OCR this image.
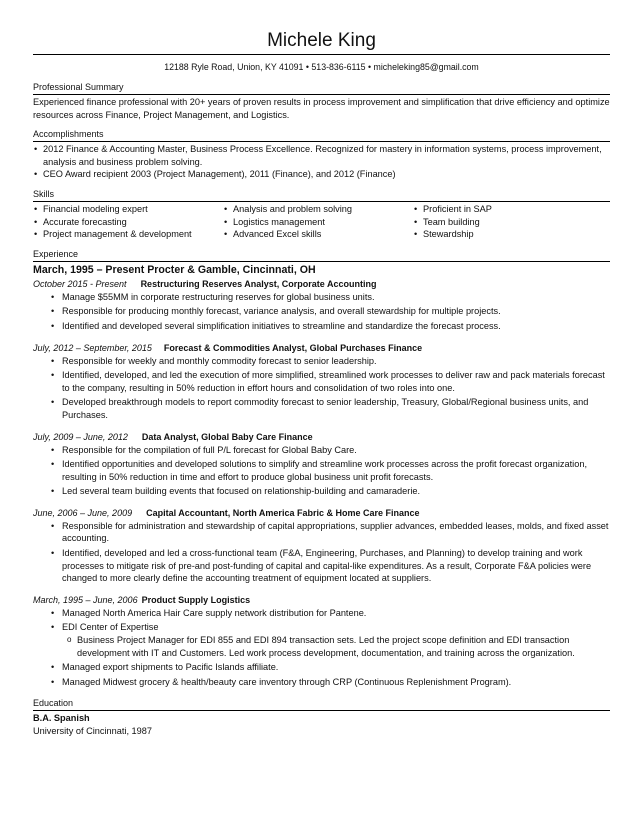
Michele King
12188 Ryle Road, Union, KY 41091 • 513-836-6115 • micheleking85@gmail.com
Professional Summary
Experienced finance professional with 20+ years of proven results in process improvement and simplification that drive efficiency and optimize resources across Finance, Project Management, and Logistics.
Accomplishments
• 2012 Finance & Accounting Master, Business Process Excellence. Recognized for mastery in information systems, process improvement, analysis and business problem solving.
• CEO Award recipient 2003 (Project Management), 2011 (Finance), and 2012 (Finance)
Skills
• Financial modeling expert
• Accurate forecasting
• Project management & development
• Analysis and problem solving
• Logistics management
• Advanced Excel skills
• Proficient in SAP
• Team building
• Stewardship
Experience
March, 1995 – Present Procter & Gamble, Cincinnati, OH
October 2015 - Present Restructuring Reserves Analyst, Corporate Accounting
• Manage $55MM in corporate restructuring reserves for global business units.
• Responsible for producing monthly forecast, variance analysis, and overall stewardship for multiple projects.
• Identified and developed several simplification initiatives to streamline and standardize the forecast process.
July, 2012 – September, 2015 Forecast & Commodities Analyst, Global Purchases Finance
• Responsible for weekly and monthly commodity forecast to senior leadership.
• Identified, developed, and led the execution of more simplified, streamlined work processes to deliver raw and pack materials forecast to the company, resulting in 50% reduction in effort hours and consolidation of two roles into one.
• Developed breakthrough models to report commodity forecast to senior leadership, Treasury, Global/Regional business units, and Purchases.
July, 2009 – June, 2012 Data Analyst, Global Baby Care Finance
• Responsible for the compilation of full P/L forecast for Global Baby Care.
• Identified opportunities and developed solutions to simplify and streamline work processes across the profit forecast organization, resulting in 50% reduction in time and effort to produce global business unit profit forecasts.
• Led several team building events that focused on relationship-building and camaraderie.
June, 2006 – June, 2009 Capital Accountant, North America Fabric & Home Care Finance
• Responsible for administration and stewardship of capital appropriations, supplier advances, embedded leases, molds, and fixed asset accounting.
• Identified, developed and led a cross-functional team (F&A, Engineering, Purchases, and Planning) to develop training and work processes to mitigate risk of pre-and post-funding of capital and capital-like expenditures. As a result, Corporate F&A policies were changed to more clearly define the accounting treatment of equipment located at suppliers.
March, 1995 – June, 2006 Product Supply Logistics
• Managed North America Hair Care supply network distribution for Pantene.
• EDI Center of Expertise
o Business Project Manager for EDI 855 and EDI 894 transaction sets. Led the project scope definition and EDI transaction development with IT and Customers. Led work process development, documentation, and training across the organization.
• Managed export shipments to Pacific Islands affiliate.
• Managed Midwest grocery & health/beauty care inventory through CRP (Continuous Replenishment Program).
Education
B.A. Spanish
University of Cincinnati, 1987
